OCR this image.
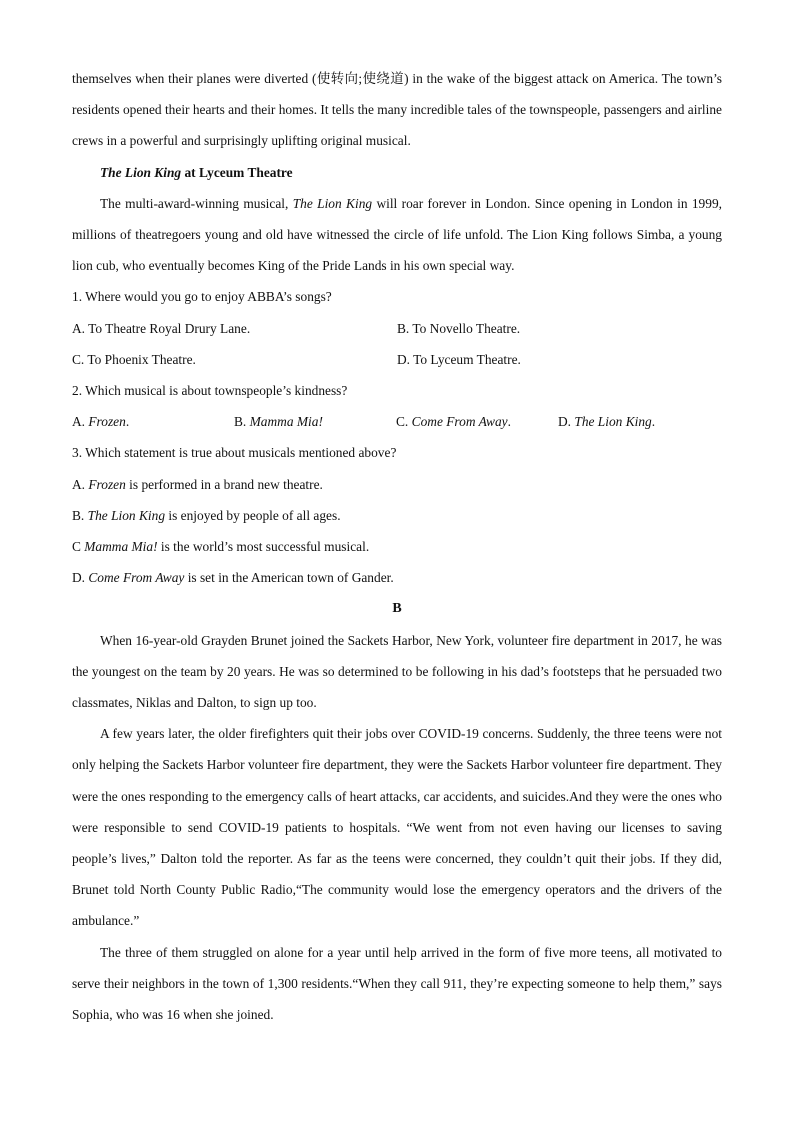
themselves when their planes were diverted (使转向;使绕道) in the wake of the biggest attack on America. The town’s residents opened their hearts and their homes. It tells the many incredible tales of the townspeople, passengers and airline crews in a powerful and surprisingly uplifting original musical.

The Lion King at Lyceum Theatre

The multi-award-winning musical, The Lion King will roar forever in London. Since opening in London in 1999, millions of theatregoers young and old have witnessed the circle of life unfold. The Lion King follows Simba, a young lion cub, who eventually becomes King of the Pride Lands in his own special way.

1. Where would you go to enjoy ABBA’s songs?

A. To Theatre Royal Drury Lane.	B. To Novello Theatre.
C. To Phoenix Theatre.	D. To Lyceum Theatre.

2. Which musical is about townspeople’s kindness?

A. Frozen.	B. Mamma Mia!	C. Come From Away.	D. The Lion King.

3. Which statement is true about musicals mentioned above?

A. Frozen is performed in a brand new theatre.

B. The Lion King is enjoyed by people of all ages.

C Mamma Mia! is the world’s most successful musical.

D. Come From Away is set in the American town of Gander.

B

When 16-year-old Grayden Brunet joined the Sackets Harbor, New York, volunteer fire department in 2017, he was the youngest on the team by 20 years. He was so determined to be following in his dad’s footsteps that he persuaded two classmates, Niklas and Dalton, to sign up too.

A few years later, the older firefighters quit their jobs over COVID-19 concerns. Suddenly, the three teens were not only helping the Sackets Harbor volunteer fire department, they were the Sackets Harbor volunteer fire department. They were the ones responding to the emergency calls of heart attacks, car accidents, and suicides.And they were the ones who were responsible to send COVID-19 patients to hospitals. “We went from not even having our licenses to saving people’s lives,” Dalton told the reporter. As far as the teens were concerned, they couldn’t quit their jobs. If they did, Brunet told North County Public Radio,“The community would lose the emergency operators and the drivers of the ambulance.”

The three of them struggled on alone for a year until help arrived in the form of five more teens, all motivated to serve their neighbors in the town of 1,300 residents.“When they call 911, they’re expecting someone to help them,” says Sophia, who was 16 when she joined.
